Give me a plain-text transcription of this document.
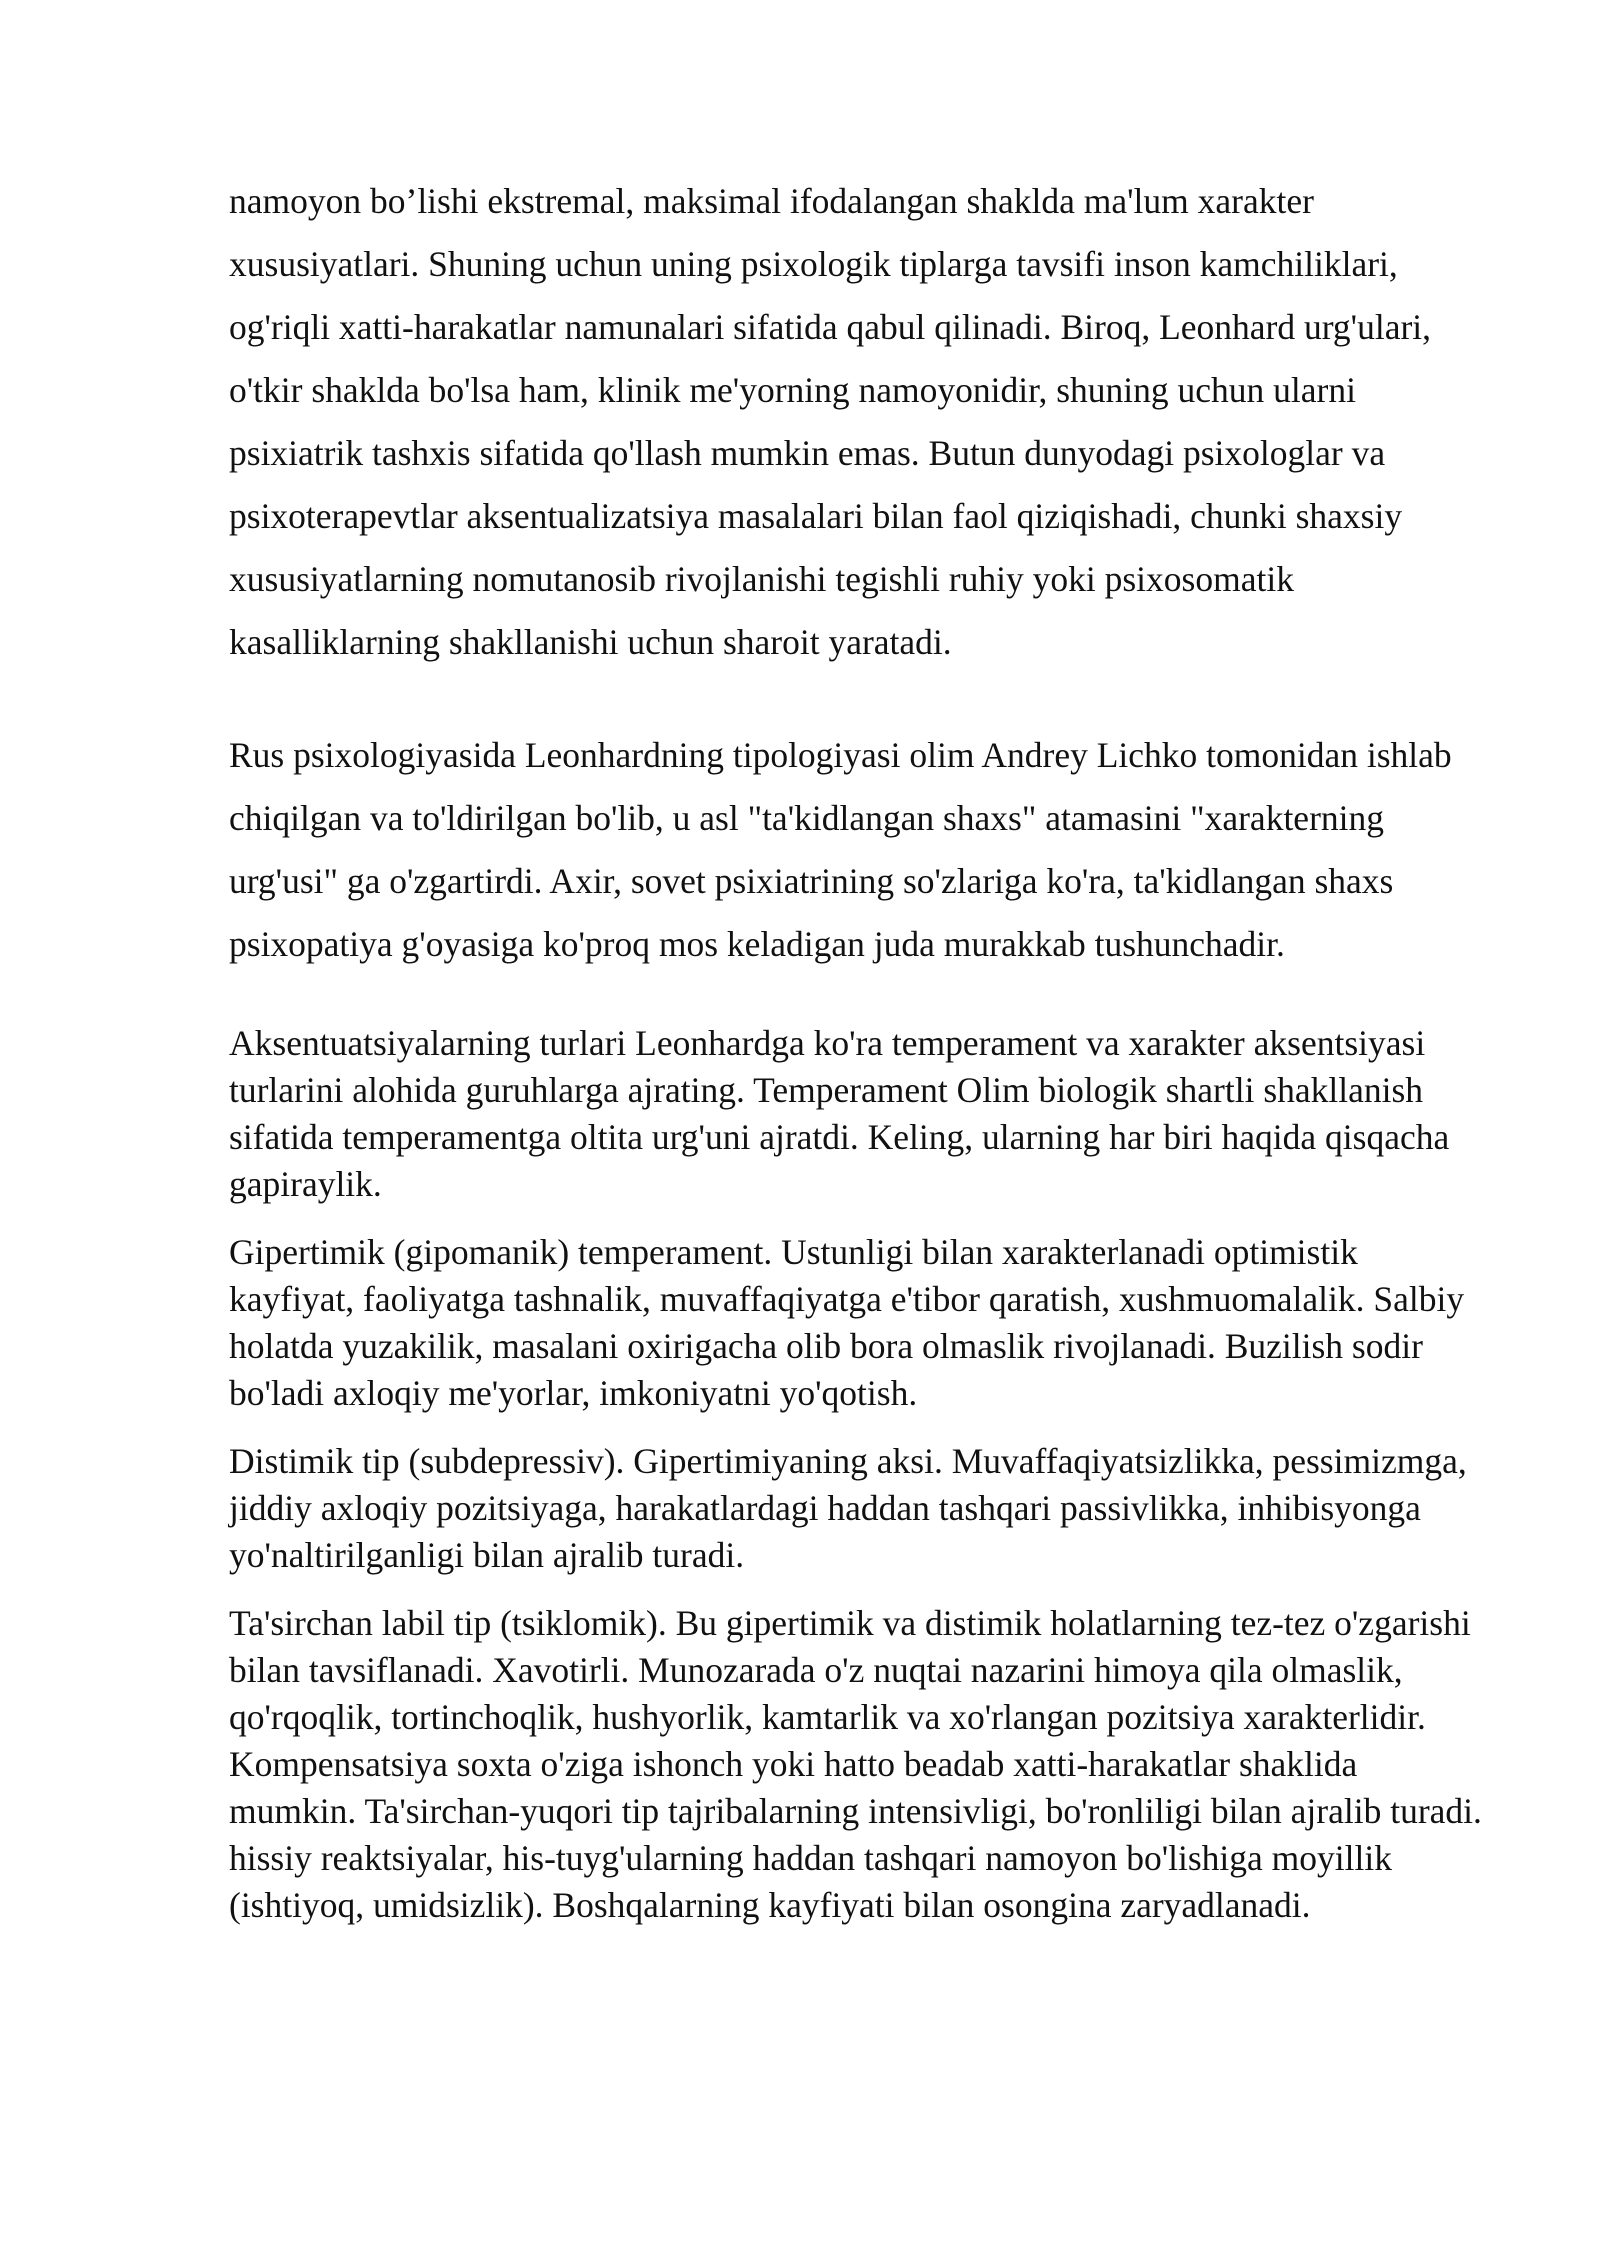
namoyon bo’lishi ekstremal, maksimal ifodalangan shaklda ma'lum xarakter xususiyatlari. Shuning uchun uning psixologik tiplarga tavsifi inson kamchiliklari, og'riqli xatti-harakatlar namunalari sifatida qabul qilinadi. Biroq, Leonhard urg'ulari, o'tkir shaklda bo'lsa ham, klinik me'yorning namoyonidir, shuning uchun ularni psixiatrik tashxis sifatida qo'llash mumkin emas. Butun dunyodagi psixologlar va psixoterapevtlar aksentualizatsiya masalalari bilan faol qiziqishadi, chunki shaxsiy xususiyatlarning nomutanosib rivojlanishi tegishli ruhiy yoki psixosomatik kasalliklarning shakllanishi uchun sharoit yaratadi.

Rus psixologiyasida Leonhardning tipologiyasi olim Andrey Lichko tomonidan ishlab chiqilgan va to'ldirilgan bo'lib, u asl "ta'kidlangan shaxs" atamasini "xarakterning urg'usi" ga o'zgartirdi. Axir, sovet psixiatrining so'zlariga ko'ra, ta'kidlangan shaxs psixopatiya g'oyasiga ko'proq mos keladigan juda murakkab tushunchadir.

Aksentuatsiyalarning turlari Leonhardga ko'ra temperament va xarakter aksentsiyasi turlarini alohida guruhlarga ajrating. Temperament Olim biologik shartli shakllanish sifatida temperamentga oltita urg'uni ajratdi. Keling, ularning har biri haqida qisqacha gapiraylik.

Gipertimik (gipomanik) temperament. Ustunligi bilan xarakterlanadi optimistik kayfiyat, faoliyatga tashnalik, muvaffaqiyatga e'tibor qaratish, xushmuomalalik. Salbiy holatda yuzakilik, masalani oxirigacha olib bora olmaslik rivojlanadi. Buzilish sodir bo'ladi axloqiy me'yorlar, imkoniyatni yo'qotish.

Distimik tip (subdepressiv). Gipertimiyaning aksi. Muvaffaqiyatsizlikka, pessimizmga, jiddiy axloqiy pozitsiyaga, harakatlardagi haddan tashqari passivlikka, inhibisyonga yo'naltirilganligi bilan ajralib turadi.

Ta'sirchan labil tip (tsiklomik). Bu gipertimik va distimik holatlarning tez-tez o'zgarishi bilan tavsiflanadi. Xavotirli. Munozarada o'z nuqtai nazarini himoya qila olmaslik, qo'rqoqlik, tortinchoqlik, hushyorlik, kamtarlik va xo'rlangan pozitsiya xarakterlidir. Kompensatsiya soxta o'ziga ishonch yoki hatto beadab xatti-harakatlar shaklida mumkin. Ta'sirchan-yuqori tip tajribalarning intensivligi, bo'ronliligi bilan ajralib turadi. hissiy reaktsiyalar, his-tuyg'ularning haddan tashqari namoyon bo'lishiga moyillik (ishtiyoq, umidsizlik). Boshqalarning kayfiyati bilan osongina zaryadlanadi.
